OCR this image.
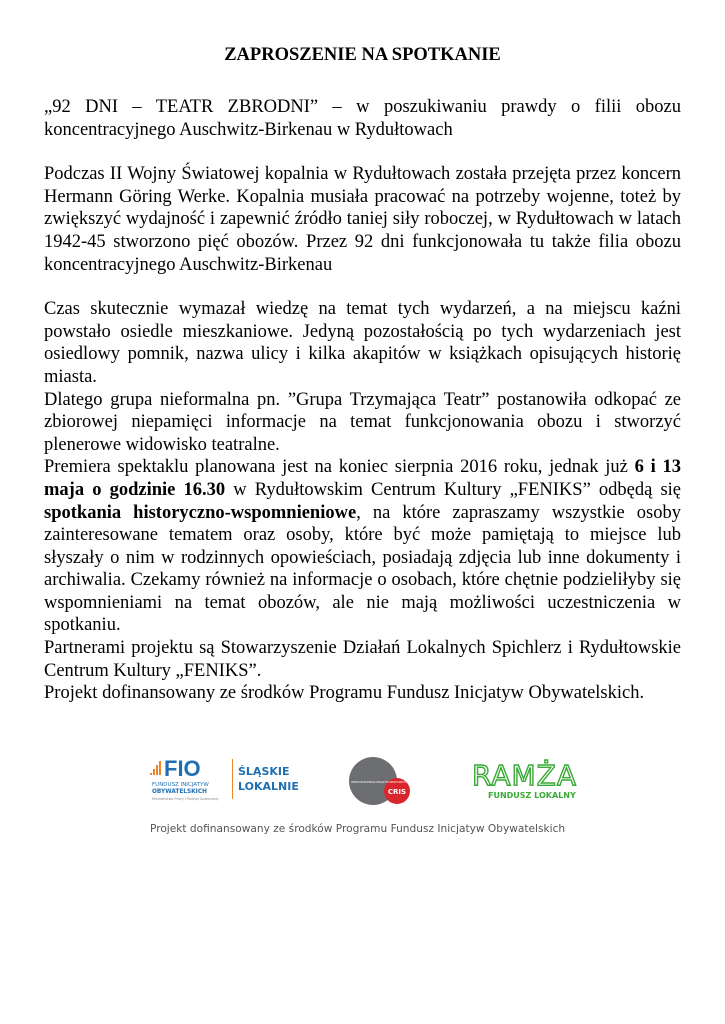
ZAPROSZENIE NA SPOTKANIE

„92 DNI – TEATR ZBRODNI” – w poszukiwaniu prawdy o filii obozu koncentracyjnego Auschwitz-Birkenau w Rydułtowach

Podczas II Wojny Światowej kopalnia w Rydułtowach została przejęta przez koncern Hermann Göring Werke. Kopalnia musiała pracować na potrzeby wojenne, toteż by zwiększyć wydajność i zapewnić źródło taniej siły roboczej, w Rydułtowach w latach 1942-45 stworzono pięć obozów. Przez 92 dni funkcjonowała tu także filia obozu koncentracyjnego Auschwitz-Birkenau

Czas skutecznie wymazał wiedzę na temat tych wydarzeń, a na miejscu kaźni powstało osiedle mieszkaniowe. Jedyną pozostałością po tych wydarzeniach jest osiedlowy pomnik, nazwa ulicy i kilka akapitów w książkach opisujących historię miasta.

Dlatego grupa nieformalna pn. ”Grupa Trzymająca Teatr” postanowiła odkopać ze zbiorowej niepamięci informacje na temat funkcjonowania obozu i stworzyć plenerowe widowisko teatralne.

Premiera spektaklu planowana jest na koniec sierpnia 2016 roku, jednak już 6 i 13 maja o godzinie 16.30 w Rydułtowskim Centrum Kultury „FENIKS” odbędą się spotkania historyczno-wspomnieniowe, na które zapraszamy wszystkie osoby zainteresowane tematem oraz osoby, które być może pamiętają to miejsce lub słyszały o nim w rodzinnych opowieściach, posiadają zdjęcia lub inne dokumenty i archiwalia. Czekamy również na informacje o osobach, które chętnie podzieliłyby się wspomnieniami na temat obozów, ale nie mają możliwości uczestniczenia w spotkaniu.

Partnerami projektu są Stowarzyszenie Działań Lokalnych Spichlerz i Rydułtowskie Centrum Kultury „FENIKS”.

Projekt dofinansowany ze środków Programu Fundusz Inicjatyw Obywatelskich.

FIO
FUNDUSZ INICJATYW
OBYWATELSKICH
Ministerstwo Pracy i Polityki Społecznej
ŚLĄSKIE
LOKALNIE	CRIS
CENTRUM ROZWOJU INICJATYW SPOŁECZNYCH RAMŻA
FUNDUSZ LOKALNY

Projekt dofinansowany ze środków Programu Fundusz Inicjatyw Obywatelskich
